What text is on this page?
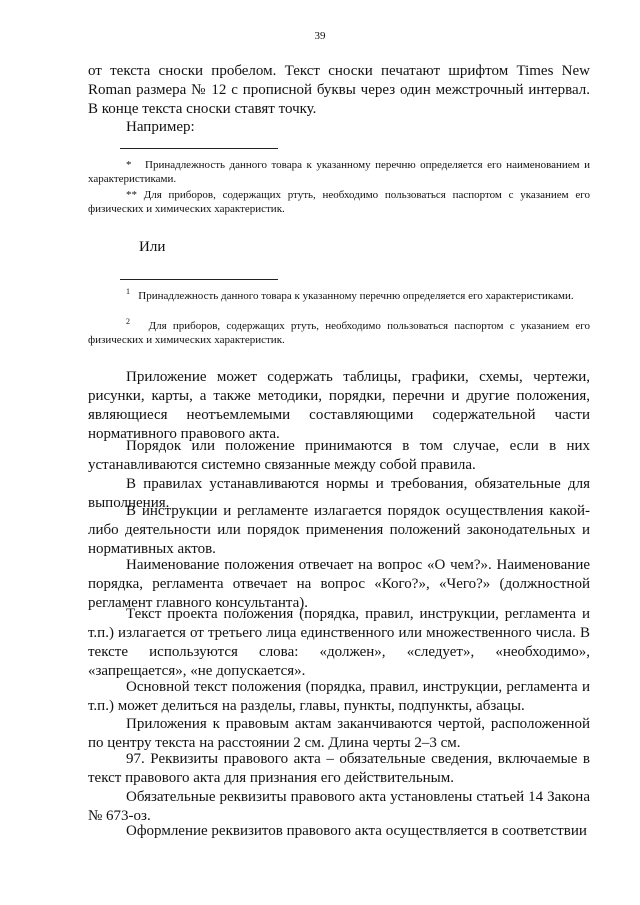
39

от текста сноски пробелом. Текст сноски печатают шрифтом Times New Roman размера № 12 с прописной буквы через один межстрочный интервал. В конце текста сноски ставят точку.

Например:

* Принадлежность данного товара к указанному перечню определяется его наименованием и характеристиками.

** Для приборов, содержащих ртуть, необходимо пользоваться паспортом с указанием его физических и химических характеристик.

Или

$^1$ Принадлежность данного товара к указанному перечню определяется его характеристиками.

$^2$ Для приборов, содержащих ртуть, необходимо пользоваться паспортом с указанием его физических и химических характеристик.

Приложение может содержать таблицы, графики, схемы, чертежи, рисунки, карты, а также методики, порядки, перечни и другие положения, являющиеся неотъемлемыми составляющими содержательной части нормативного правового акта.

Порядок или положение принимаются в том случае, если в них устанавливаются системно связанные между собой правила.

В правилах устанавливаются нормы и требования, обязательные для выполнения.

В инструкции и регламенте излагается порядок осуществления какой-либо деятельности или порядок применения положений законодательных и нормативных актов.

Наименование положения отвечает на вопрос «О чем?». Наименование порядка, регламента отвечает на вопрос «Кого?», «Чего?» (должностной регламент главного консультанта).

Текст проекта положения (порядка, правил, инструкции, регламента и т.п.) излагается от третьего лица единственного или множественного числа. В тексте используются слова: «должен», «следует», «необходимо», «запрещается», «не допускается».

Основной текст положения (порядка, правил, инструкции, регламента и т.п.) может делиться на разделы, главы, пункты, подпункты, абзацы.

Приложения к правовым актам заканчиваются чертой, расположенной по центру текста на расстоянии 2 см. Длина черты 2–3 см.

97. Реквизиты правового акта – обязательные сведения, включаемые в текст правового акта для признания его действительным.

Обязательные реквизиты правового акта установлены статьей 14 Закона № 673-оз.

Оформление реквизитов правового акта осуществляется в соответствии
